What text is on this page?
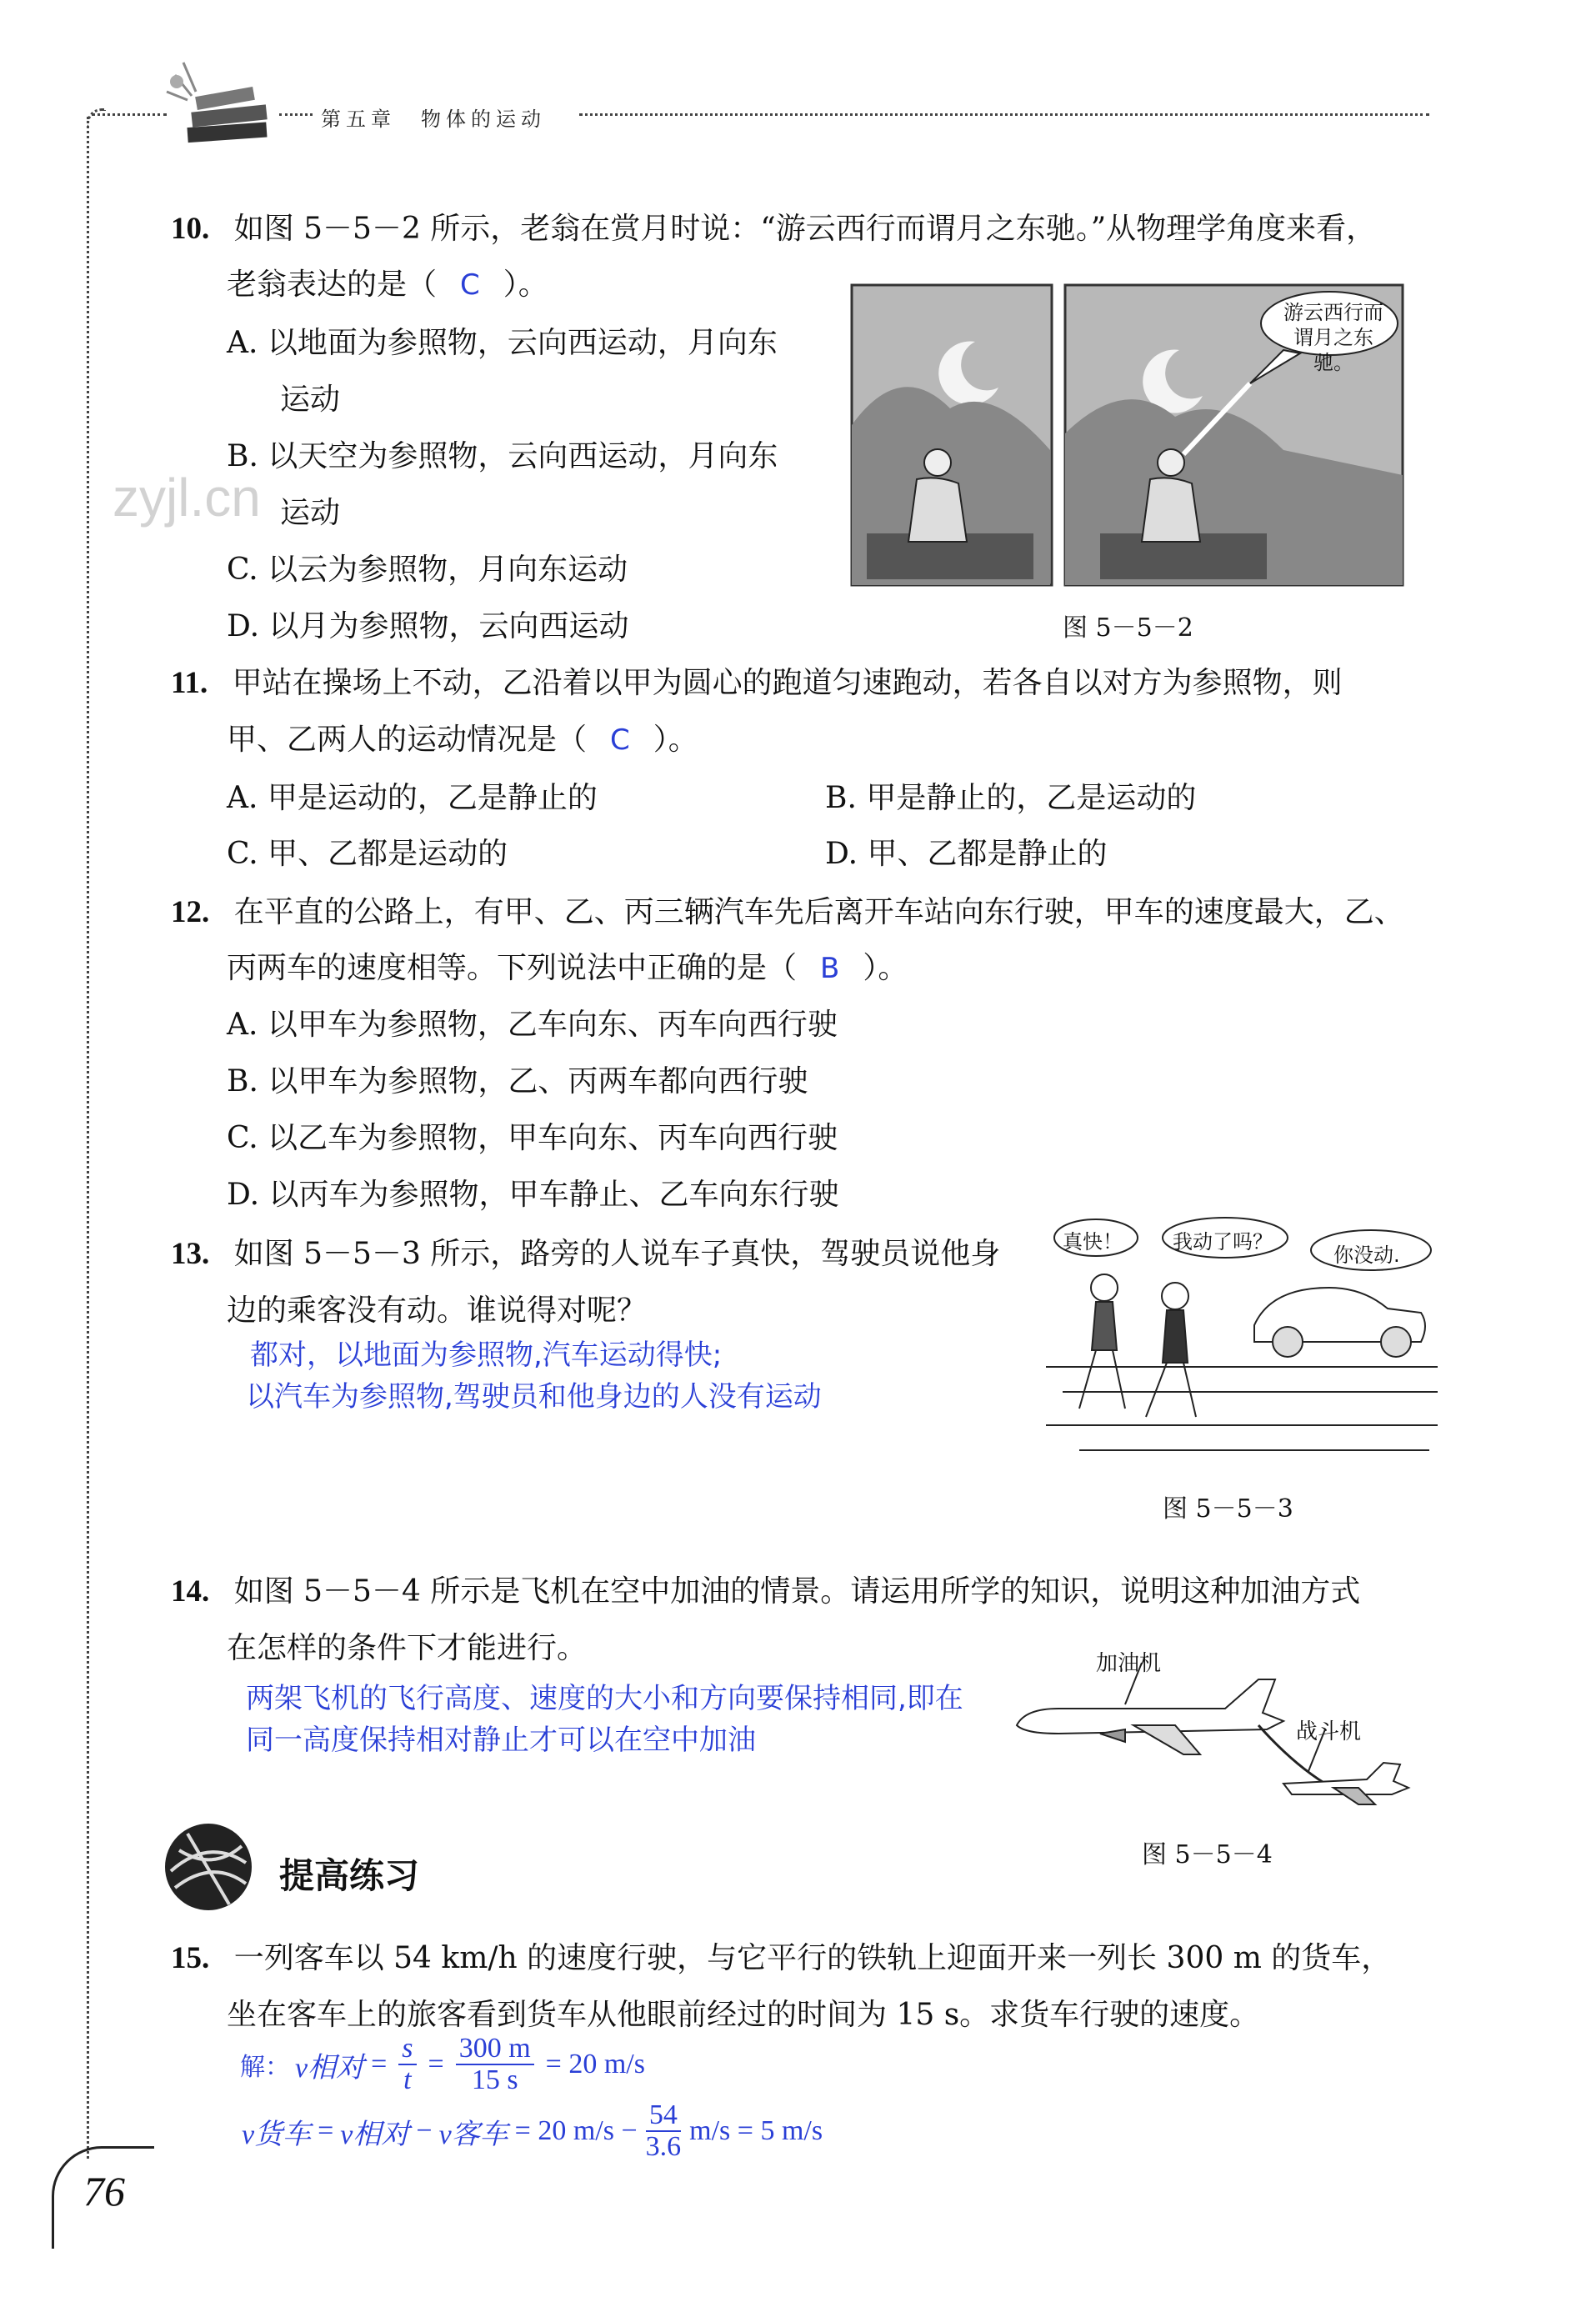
第五章　物体的运动
zyjl.cn
10. 如图 5－5－2 所示，老翁在赏月时说：“游云西行而谓月之东驰。”从物理学角度来看，
老翁表达的是（ C ）。
A. 以地面为参照物，云向西运动，月向东
运动
B. 以天空为参照物，云向西运动，月向东
运动
C. 以云为参照物，月向东运动
D. 以月为参照物，云向西运动
游云西行而
谓月之东驰。
图 5－5－2
11. 甲站在操场上不动，乙沿着以甲为圆心的跑道匀速跑动，若各自以对方为参照物，则
甲、乙两人的运动情况是（ C ）。
A. 甲是运动的，乙是静止的	B. 甲是静止的，乙是运动的
C. 甲、乙都是运动的	D. 甲、乙都是静止的
12. 在平直的公路上，有甲、乙、丙三辆汽车先后离开车站向东行驶，甲车的速度最大，乙、
丙两车的速度相等。下列说法中正确的是（ B ）。
A. 以甲车为参照物，乙车向东、丙车向西行驶
B. 以甲车为参照物，乙、丙两车都向西行驶
C. 以乙车为参照物，甲车向东、丙车向西行驶
D. 以丙车为参照物，甲车静止、乙车向东行驶
13. 如图 5－5－3 所示，路旁的人说车子真快，驾驶员说他身
边的乘客没有动。谁说得对呢？
都对，以地面为参照物,汽车运动得快;
以汽车为参照物,驾驶员和他身边的人没有运动
真快！	我动了吗？
你没动.
图 5－5－3
14. 如图 5－5－4 所示是飞机在空中加油的情景。请运用所学的知识，说明这种加油方式
在怎样的条件下才能进行。
两架飞机的飞行高度、速度的大小和方向要保持相同,即在
同一高度保持相对静止才可以在空中加油
加油机
战斗机
图 5－5－4
提高练习
15. 一列客车以 54 km/h 的速度行驶，与它平行的铁轨上迎面开来一列长 300 m 的货车，
坐在客车上的旅客看到货车从他眼前经过的时间为 15 s。求货车行驶的速度。
解： v相对 = $\frac{s}{t} = \frac{300 m}{15 s} = 20$ m/s
v货车 = v相对 − v客车 = 20 $m/s - \frac{54}{3.6} m/s = 5$ m/s
76
